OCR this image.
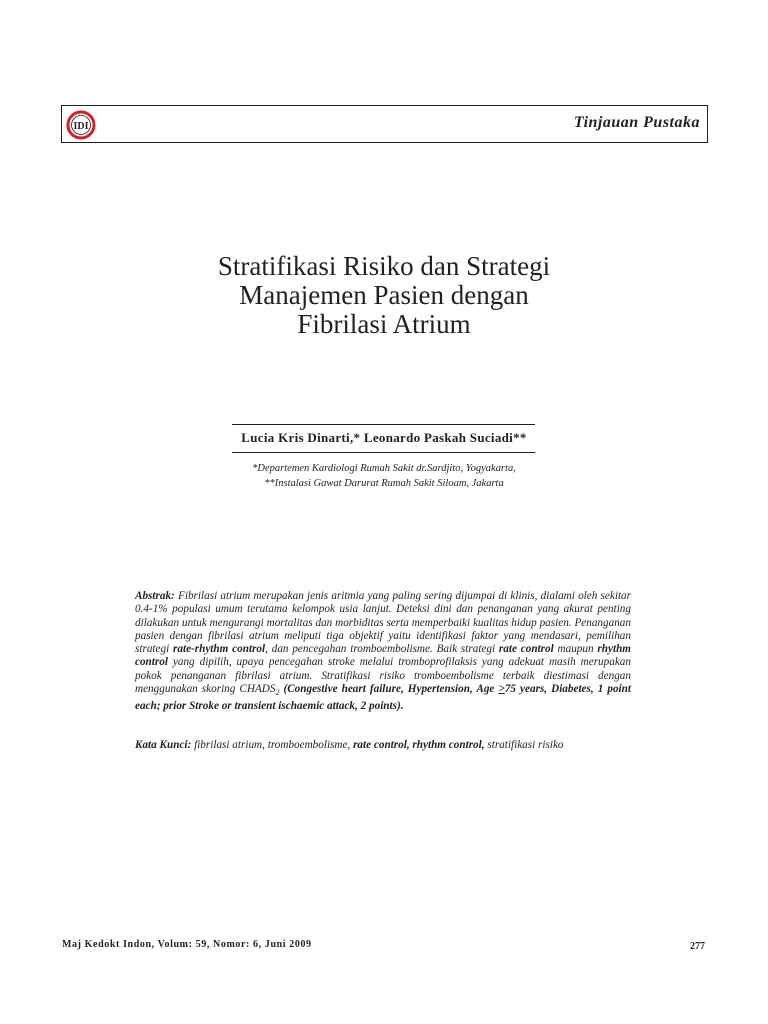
IDI	Tinjauan Pustaka
Stratifikasi Risiko dan Strategi
Manajemen Pasien dengan
Fibrilasi Atrium
Lucia Kris Dinarti,* Leonardo Paskah Suciadi**
*Departemen Kardiologi Rumah Sakit dr.Sardjito, Yogyakarta,
**Instalasi Gawat Darurat Rumah Sakit Siloam, Jakarta

Abstrak: Fibrilasi atrium merupakan jenis aritmia yang paling sering dijumpai di klinis, dialami oleh sekitar 0.4-1% populasi umum terutama kelompok usia lanjut. Deteksi dini dan penanganan yang akurat penting dilakukan untuk mengurangi mortalitas dan morbiditas serta memperbaiki kualitas hidup pasien. Penanganan pasien dengan fibrilasi atrium meliputi tiga objektif yaitu identifikasi faktor yang mendasari, pemilihan strategi rate-rhythm control, dan pencegahan tromboembolisme. Baik strategi rate control maupun rhythm control yang dipilih, upaya pencegahan stroke melalui tromboprofilaksis yang adekuat masih merupakan pokok penanganan fibrilasi atrium. Stratifikasi risiko tromboembolisme terbaik diestimasi dengan menggunakan skoring $CHADS_2$ (Congestive heart failure, Hypertension, Age >75 years, Diabetes, 1 point each; prior Stroke or transient ischaemic attack, 2 points).

Kata Kunci: fibrilasi atrium, tromboembolisme, rate control, rhythm control, stratifikasi risiko

Maj Kedokt Indon, Volum: 59, Nomor: 6, Juni 2009	277
